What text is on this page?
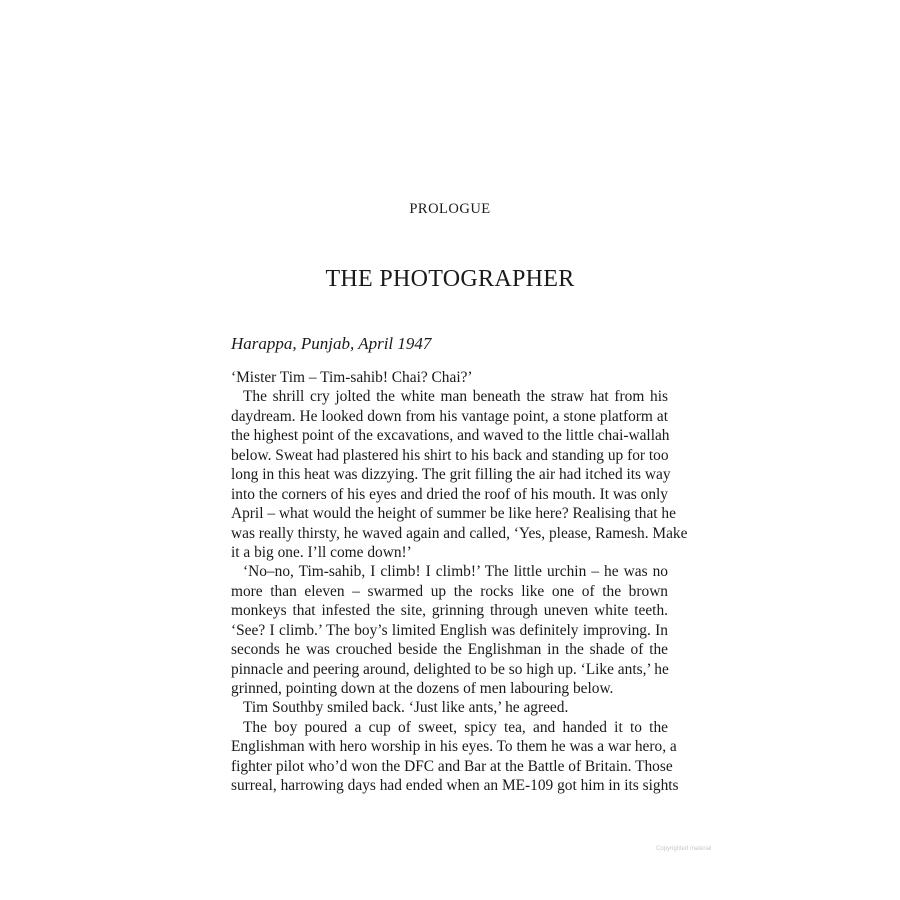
PROLOGUE
THE PHOTOGRAPHER
Harappa, Punjab, April 1947
‘Mister Tim – Tim-sahib! Chai? Chai?’
The shrill cry jolted the white man beneath the straw hat from his
daydream. He looked down from his vantage point, a stone platform at
the highest point of the excavations, and waved to the little chai-wallah
below. Sweat had plastered his shirt to his back and standing up for too
long in this heat was dizzying. The grit filling the air had itched its way
into the corners of his eyes and dried the roof of his mouth. It was only
April – what would the height of summer be like here? Realising that he
was really thirsty, he waved again and called, ‘Yes, please, Ramesh. Make
it a big one. I’ll come down!’
‘No–no, Tim-sahib, I climb! I climb!’ The little urchin – he was no
more than eleven – swarmed up the rocks like one of the brown
monkeys that infested the site, grinning through uneven white teeth.
‘See? I climb.’ The boy’s limited English was definitely improving. In
seconds he was crouched beside the Englishman in the shade of the
pinnacle and peering around, delighted to be so high up. ‘Like ants,’ he
grinned, pointing down at the dozens of men labouring below.
Tim Southby smiled back. ‘Just like ants,’ he agreed.
The boy poured a cup of sweet, spicy tea, and handed it to the
Englishman with hero worship in his eyes. To them he was a war hero, a
fighter pilot who’d won the DFC and Bar at the Battle of Britain. Those
surreal, harrowing days had ended when an ME-109 got him in its sights
Copyrighted material
